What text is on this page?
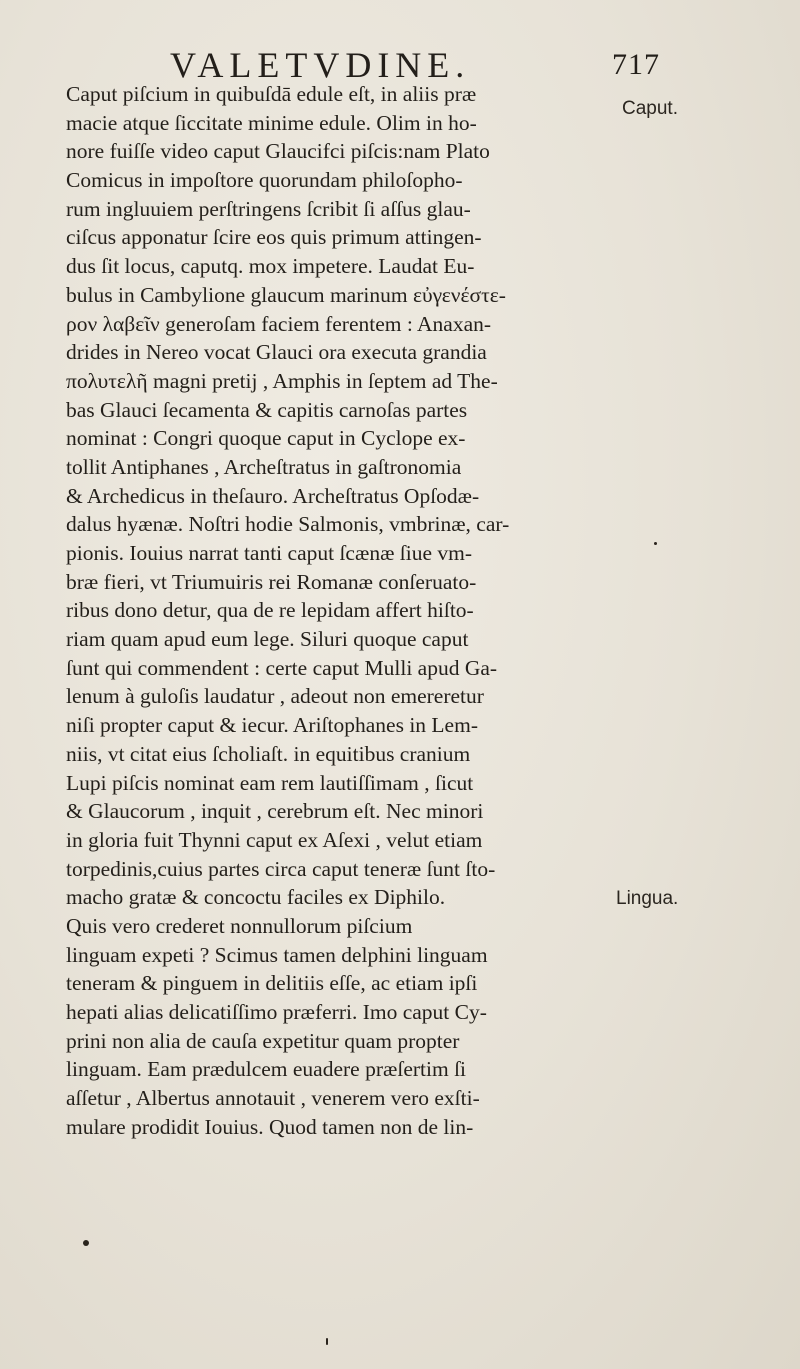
VALETVDINE.	717
Caput.
Lingua.
Caput piſcium in quibuſdā edule eſt, in aliis præ
macie atque ſiccitate minime edule. Olim in ho-
nore fuiſſe video caput Glaucifci piſcis:nam Plato
Comicus in impoſtore quorundam philoſopho-
rum ingluuiem perſtringens ſcribit ſi aſſus glau-
ciſcus apponatur ſcire eos quis primum attingen-
dus ſit locus, caputq. mox impetere. Laudat Eu-
bulus in Cambylione glaucum marinum εὐγενέστε-
ρον λαβεῖν generoſam faciem ferentem : Anaxan-
drides in Nereo vocat Glauci ora executa grandia
πολυτελῆ magni pretij , Amphis in ſeptem ad The-
bas Glauci ſecamenta & capitis carnoſas partes
nominat : Congri quoque caput in Cyclope ex-
tollit Antiphanes , Archeſtratus in gaſtronomia
& Archedicus in theſauro. Archeſtratus Opſodæ-
dalus hyænæ. Noſtri hodie Salmonis, vmbrinæ, car-
pionis. Iouius narrat tanti caput ſcænæ ſiue vm-
bræ fieri, vt Triumuiris rei Romanæ conſeruato-
ribus dono detur, qua de re lepidam affert hiſto-
riam quam apud eum lege. Siluri quoque caput
ſunt qui commendent : certe caput Mulli apud Ga-
lenum à guloſis laudatur , adeout non emereretur
niſi propter caput & iecur. Ariſtophanes in Lem-
niis, vt citat eius ſcholiaſt. in equitibus cranium
Lupi piſcis nominat eam rem lautiſſimam , ſicut
& Glaucorum , inquit , cerebrum eſt. Nec minori
in gloria fuit Thynni caput ex Aſexi , velut etiam
torpedinis,cuius partes circa caput teneræ ſunt ſto-
macho gratæ & concoctu faciles ex Diphilo.
Quis vero crederet nonnullorum piſcium
linguam expeti ? Scimus tamen delphini linguam
teneram & pinguem in delitiis eſſe, ac etiam ipſi
hepati alias delicatiſſimo præferri. Imo caput Cy-
prini non alia de cauſa expetitur quam propter
linguam. Eam prædulcem euadere præſertim ſi
aſſetur , Albertus annotauit , venerem vero exſti-
mulare prodidit Iouius. Quod tamen non de lin-
